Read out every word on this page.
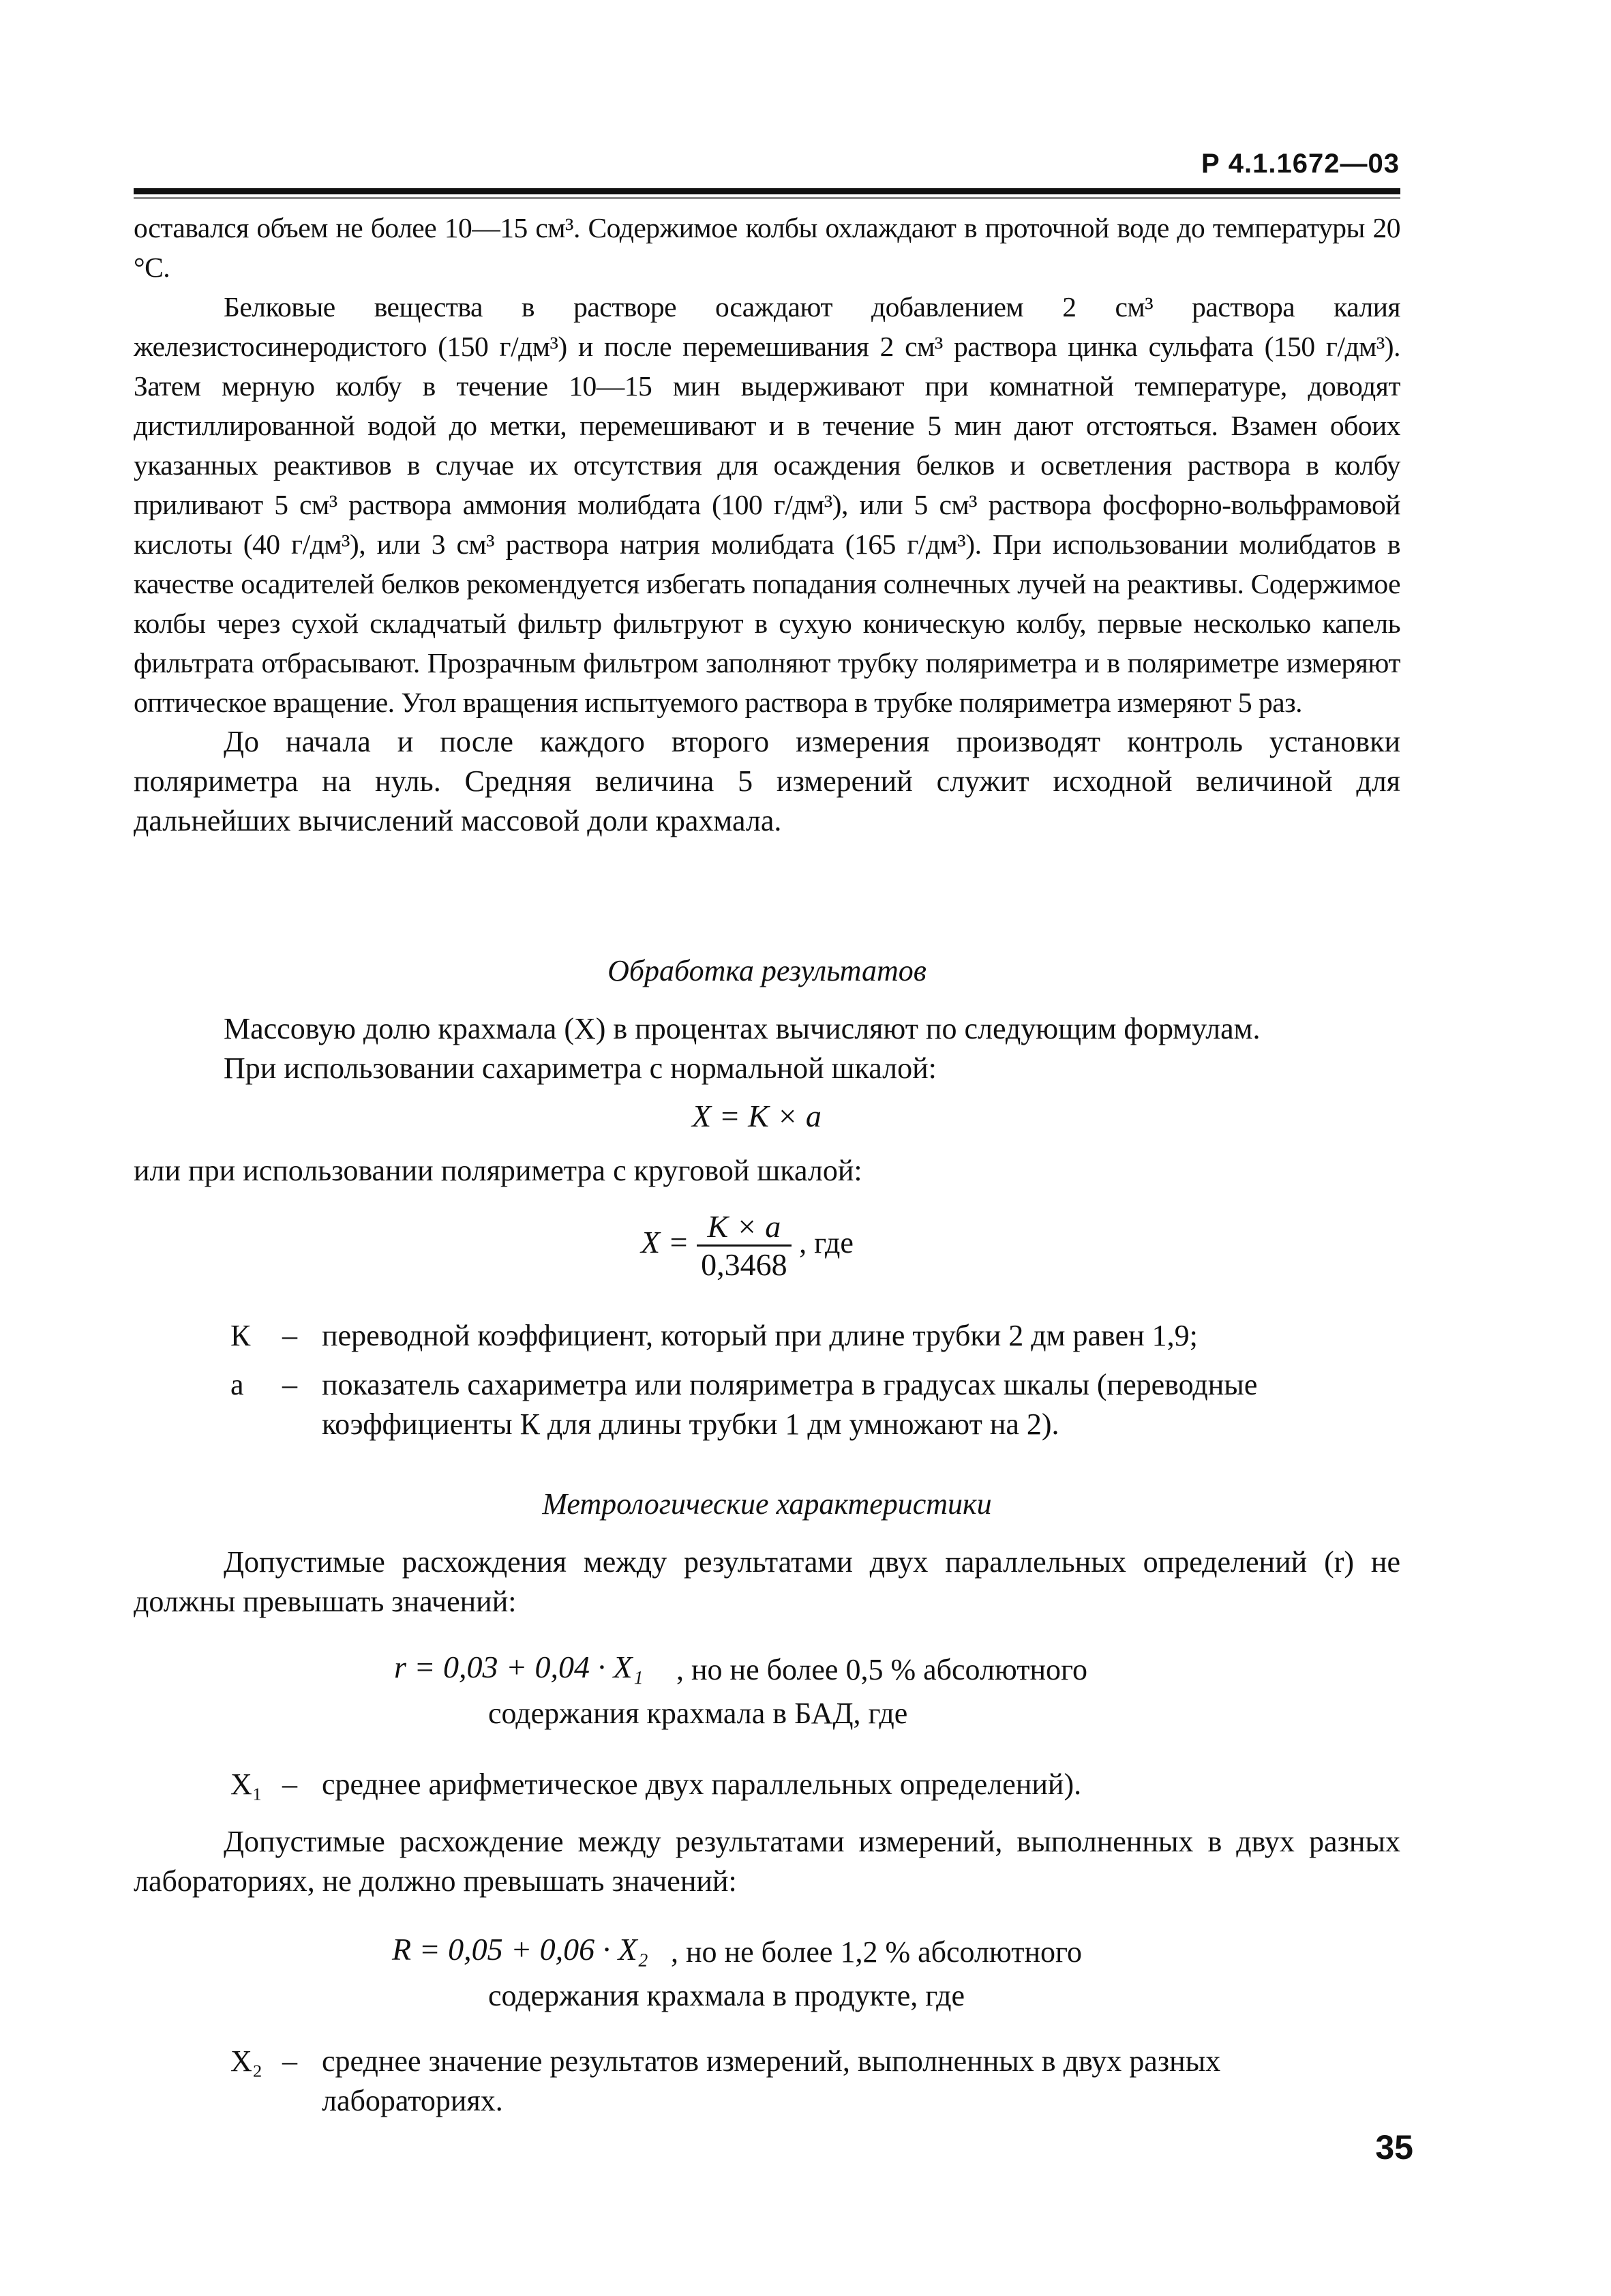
Р 4.1.1672—03

оставался объем не более 10—15 см³. Содержимое колбы охлаждают в проточной воде до температуры 20 °С.

Белковые вещества в растворе осаждают добавлением 2 см³ раствора калия железистосинеродистого (150 г/дм³) и после перемешивания 2 см³ раствора цинка сульфата (150 г/дм³). Затем мерную колбу в течение 10—15 мин выдерживают при комнатной температуре, доводят дистиллированной водой до метки, перемешивают и в течение 5 мин дают отстояться. Взамен обоих указанных реактивов в случае их отсутствия для осаждения белков и осветления раствора в колбу приливают 5 см³ раствора аммония молибдата (100 г/дм³), или 5 см³ раствора фосфорно-вольфрамовой кислоты (40 г/дм³), или 3 см³ раствора натрия молибдата (165 г/дм³). При использовании молибдатов в качестве осадителей белков рекомендуется избегать попадания солнечных лучей на реактивы. Содержимое колбы через сухой складчатый фильтр фильтруют в сухую коническую колбу, первые несколько капель фильтрата отбрасывают. Прозрачным фильтром заполняют трубку поляриметра и в поляриметре измеряют оптическое вращение. Угол вращения испытуемого раствора в трубке поляриметра измеряют 5 раз.

До начала и после каждого второго измерения производят контроль установки поляриметра на нуль. Средняя величина 5 измерений служит исходной величиной для дальнейших вычислений массовой доли крахмала.

Обработка результатов

Массовую долю крахмала (X) в процентах вычисляют по следующим формулам.

При использовании сахариметра с нормальной шкалой:

X = K × a

или при использовании поляриметра с круговой шкалой:

$X = \frac{K \times a}{0,3468}$ , где
К – переводной коэффициент, который при длине трубки 2 дм равен 1,9;
а – показатель сахариметра или поляриметра в градусах шкалы (переводные коэффициенты К для длины трубки 1 дм умножают на 2).
Метрологические характеристики

Допустимые расхождения между результатами двух параллельных определений (r) не должны превышать значений:

r = 0,03 + 0,04 · X₁ , но не более 0,5 % абсолютного
содержания крахмала в БАД, где
X₁ – среднее арифметическое двух параллельных определений).

Допустимые расхождение между результатами измерений, выполненных в двух разных лабораториях, не должно превышать значений:

R = 0,05 + 0,06 · X₂ , но не более 1,2 % абсолютного
содержания крахмала в продукте, где
X₂ – среднее значение результатов измерений, выполненных в двух разных лабораториях.
35
